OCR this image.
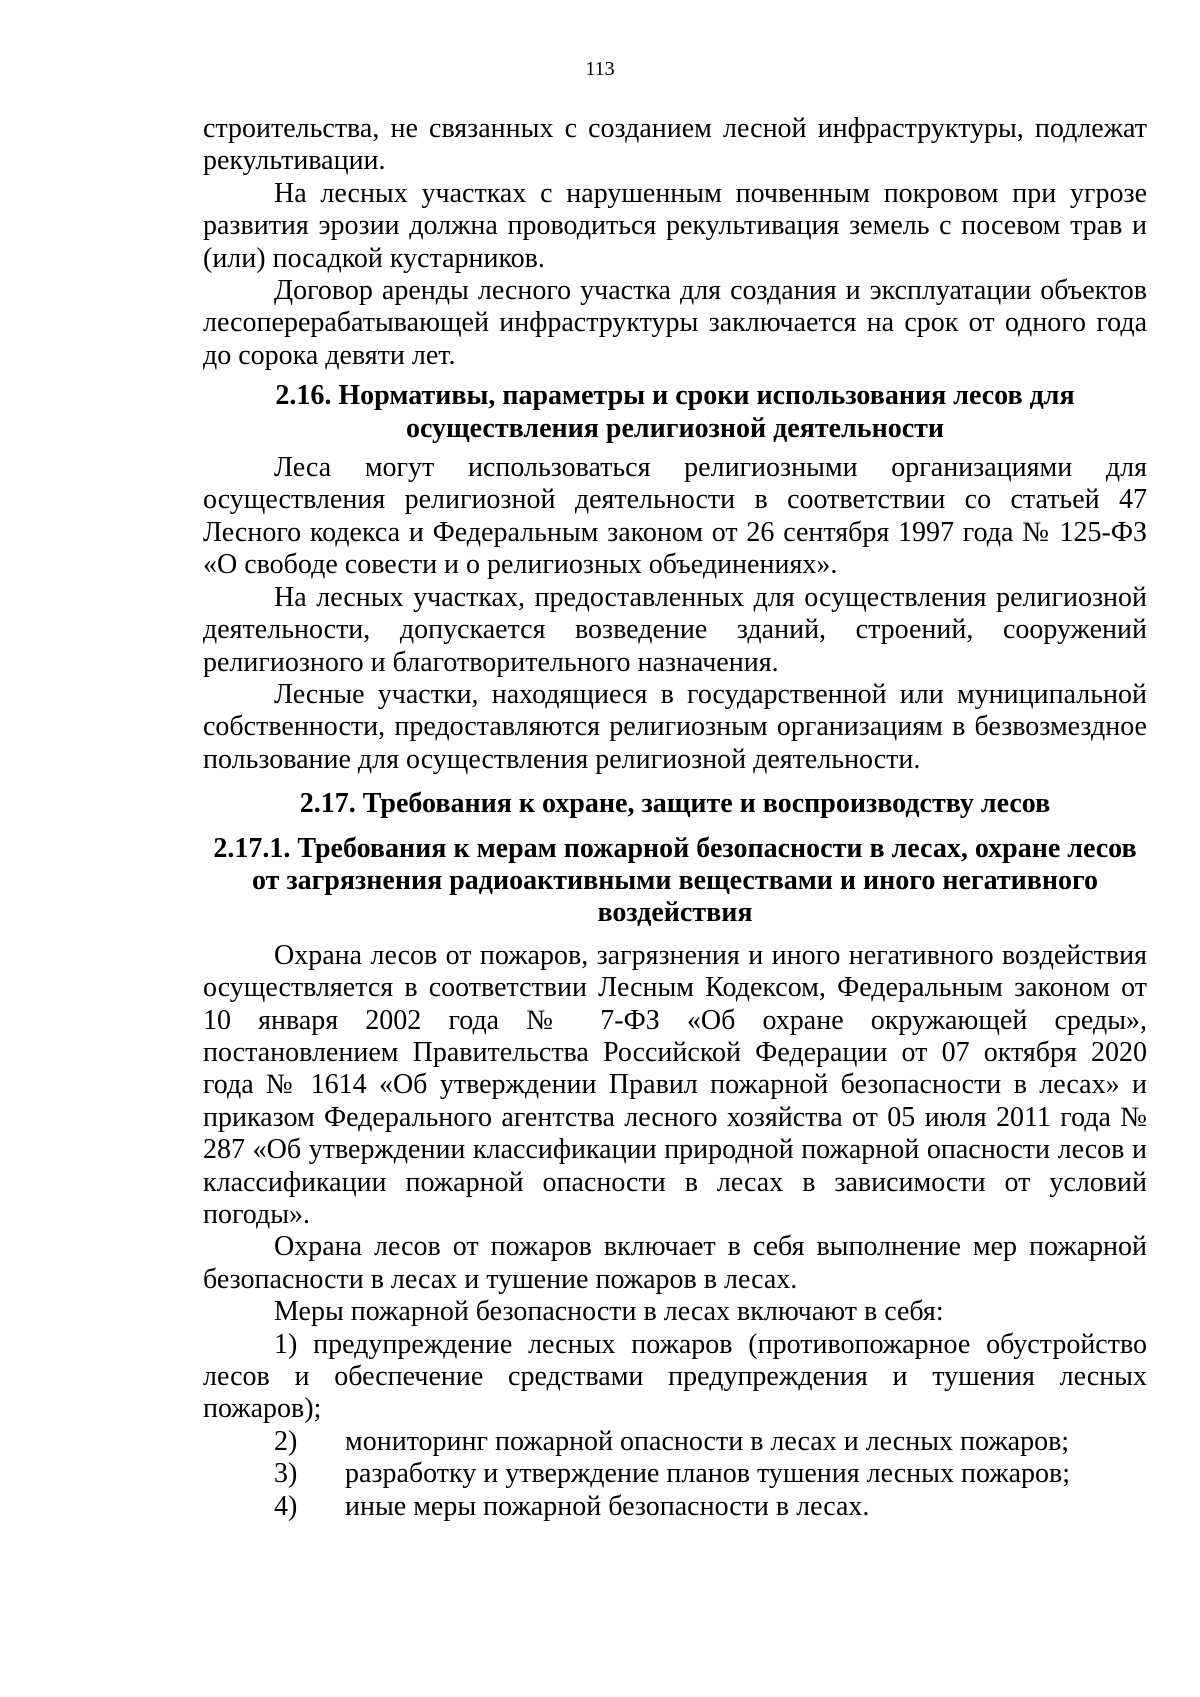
113

строительства, не связанных с созданием лесной инфраструктуры, подлежат рекультивации.

На лесных участках с нарушенным почвенным покровом при угрозе развития эрозии должна проводиться рекультивация земель с посевом трав и (или) посадкой кустарников.

Договор аренды лесного участка для создания и эксплуатации объектов лесоперерабатывающей инфраструктуры заключается на срок от одного года до сорока девяти лет.

2.16. Нормативы, параметры и сроки использования лесов для осуществления религиозной деятельности

Леса могут использоваться религиозными организациями для осуществления религиозной деятельности в соответствии со статьей 47 Лесного кодекса и Федеральным законом от 26 сентября 1997 года № 125-ФЗ «О свободе совести и о религиозных объединениях».

На лесных участках, предоставленных для осуществления религиозной деятельности, допускается возведение зданий, строений, сооружений религиозного и благотворительного назначения.

Лесные участки, находящиеся в государственной или муниципальной собственности, предоставляются религиозным организациям в безвозмездное пользование для осуществления религиозной деятельности.

2.17. Требования к охране, защите и воспроизводству лесов
2.17.1. Требования к мерам пожарной безопасности в лесах, охране лесов от загрязнения радиоактивными веществами и иного негативного воздействия

Охрана лесов от пожаров, загрязнения и иного негативного воздействия осуществляется в соответствии Лесным Кодексом, Федеральным законом от 10 января 2002 года № 7-ФЗ «Об охране окружающей среды», постановлением Правительства Российской Федерации от 07 октября 2020 года № 1614 «Об утверждении Правил пожарной безопасности в лесах» и приказом Федерального агентства лесного хозяйства от 05 июля 2011 года № 287 «Об утверждении классификации природной пожарной опасности лесов и классификации пожарной опасности в лесах в зависимости от условий погоды».

Охрана лесов от пожаров включает в себя выполнение мер пожарной безопасности в лесах и тушение пожаров в лесах.

Меры пожарной безопасности в лесах включают в себя:

1) предупреждение лесных пожаров (противопожарное обустройство лесов и обеспечение средствами предупреждения и тушения лесных пожаров);

2)	мониторинг пожарной опасности в лесах и лесных пожаров;
3)	разработку и утверждение планов тушения лесных пожаров;
4)	иные меры пожарной безопасности в лесах.
